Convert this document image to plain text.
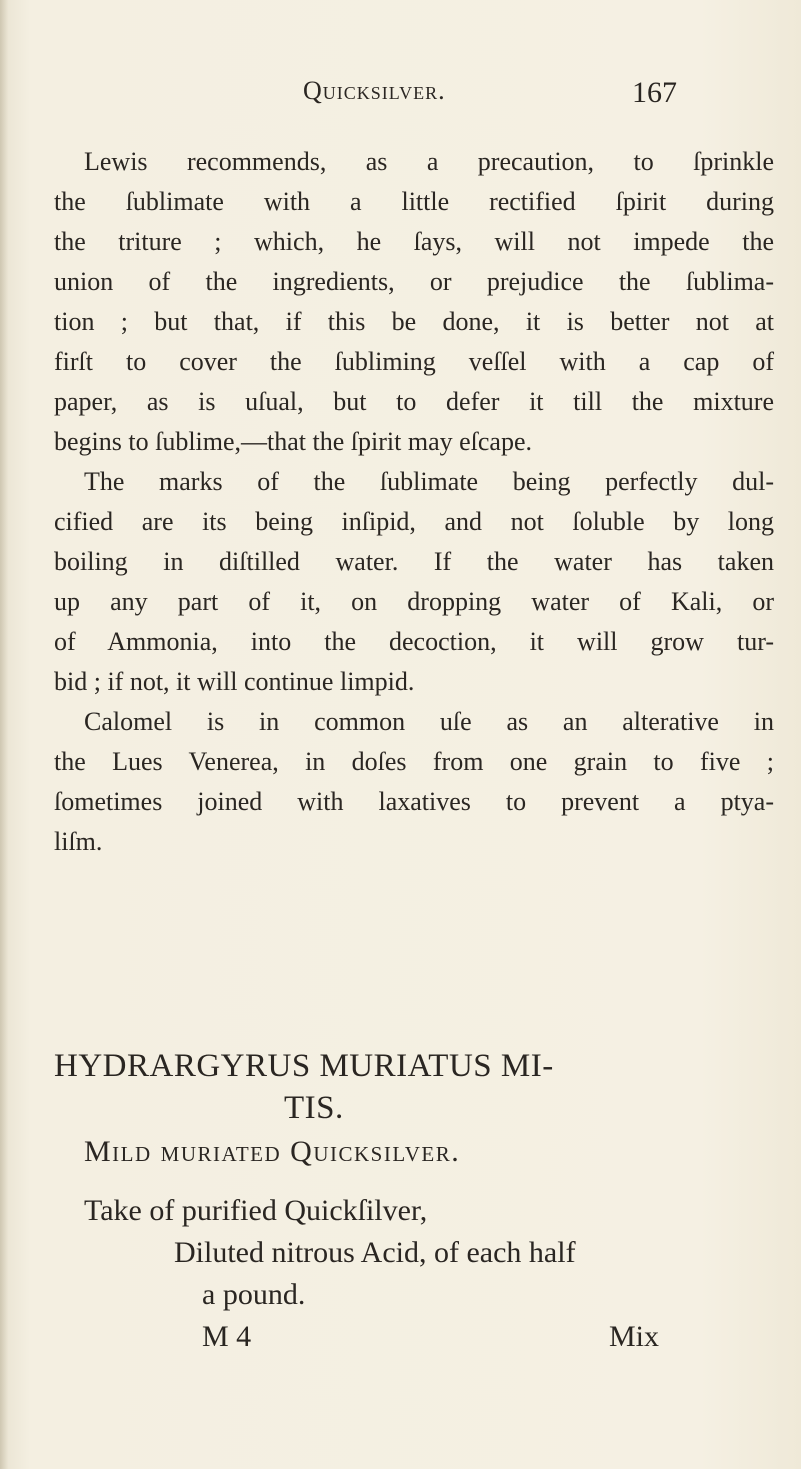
Quicksilver.	167
Lewis recommends, as a precaution, to ſprinkle
the ſublimate with a little rectified ſpirit during
the triture ; which, he ſays, will not impede the
union of the ingredients, or prejudice the ſublima-
tion ; but that, if this be done, it is better not at
firſt to cover the ſubliming veſſel with a cap of
paper, as is uſual, but to defer it till the mixture
begins to ſublime,—that the ſpirit may eſcape.
The marks of the ſublimate being perfectly dul-
cified are its being inſipid, and not ſoluble by long
boiling in diſtilled water. If the water has taken
up any part of it, on dropping water of Kali, or
of Ammonia, into the decoction, it will grow tur-
bid ; if not, it will continue limpid.
Calomel is in common uſe as an alterative in
the Lues Venerea, in doſes from one grain to five ;
ſometimes joined with laxatives to prevent a ptya-
liſm.
HYDRARGYRUS MURIATUS MI-
TIS.
Mild muriated Quicksilver.
Take of purified Quickſilver,
Diluted nitrous Acid, of each half
a pound.
M 4	Mix
